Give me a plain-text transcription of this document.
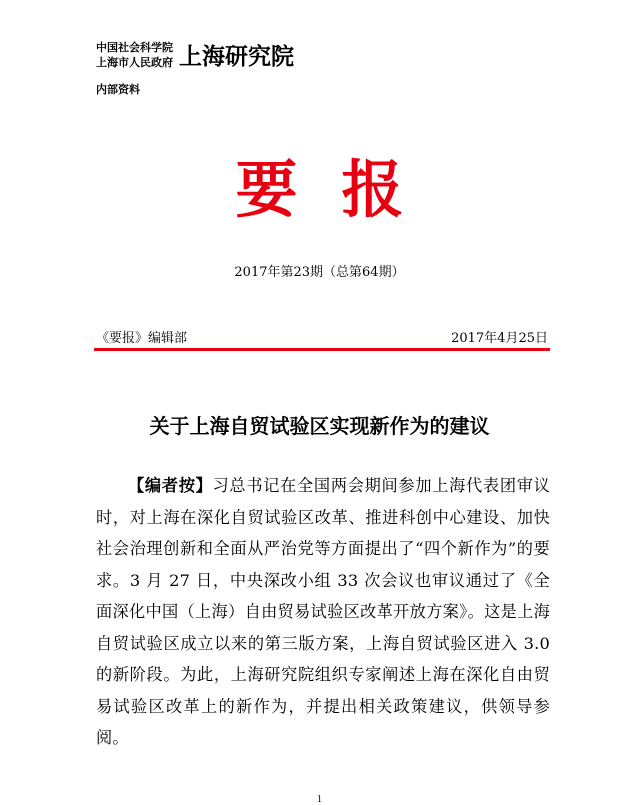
中国社会科学院
上海市人民政府 上海研究院
内部资料
要报
2017年第23期（总第64期）
《要报》编辑部	2017年4月25日
关于上海自贸试验区实现新作为的建议
【编者按】习总书记在全国两会期间参加上海代表团审议时，对上海在深化自贸试验区改革、推进科创中心建设、加快社会治理创新和全面从严治党等方面提出了“四个新作为”的要求。3 月 27 日，中央深改小组 33 次会议也审议通过了《全面深化中国（上海）自由贸易试验区改革开放方案》。这是上海自贸试验区成立以来的第三版方案，上海自贸试验区进入 3.0 的新阶段。为此，上海研究院组织专家阐述上海在深化自由贸易试验区改革上的新作为，并提出相关政策建议，供领导参阅。
1
